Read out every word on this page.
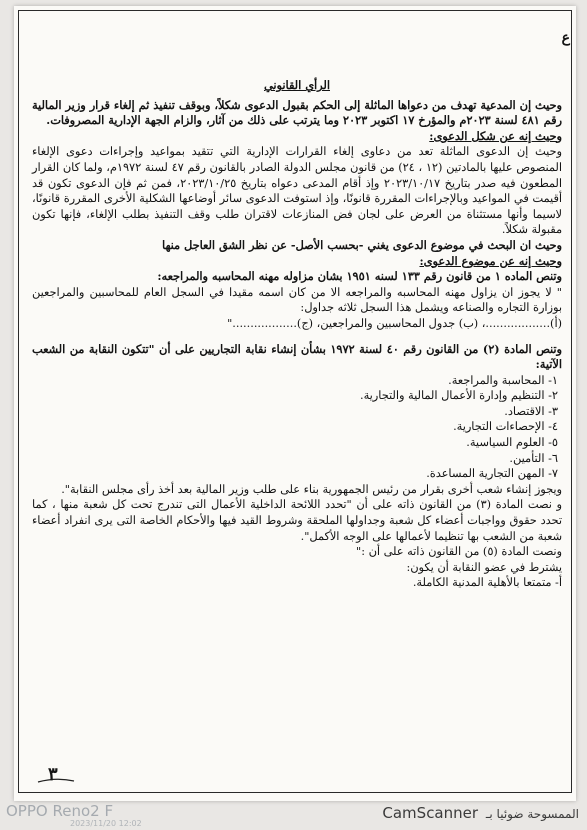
ع

الرأي القانوني

وحيث إن المدعية تهدف من دعواها الماثلة إلى الحكم بقبول الدعوى شكلاً، وبوقف تنفيذ ثم إلغاء قرار وزير المالية رقم ٤٨١ لسنة ٢٠٢٣م والمؤرخ ١٧ اكتوبر ٢٠٢٣ وما يترتب على ذلك من آثار، والزام الجهة الإدارية المصروفات.

وحيث إنه عن شكل الدعوى:

وحيث إن الدعوى الماثلة تعد من دعاوى إلغاء القرارات الإدارية التي تتقيد بمواعيد وإجراءات دعوى الإلغاء المنصوص عليها بالمادتين (١٢ ، ٢٤) من قانون مجلس الدولة الصادر بالقانون رقم ٤٧ لسنة ١٩٧٢م، ولما كان القرار المطعون فيه صدر بتاريخ ٢٠٢٣/١٠/١٧ وإذ أقام المدعى دعواه بتاريخ ٢٠٢٣/١٠/٢٥، فمن ثم فإن الدعوى تكون قد أقيمت في المواعيد وبالإجراءات المقررة قانونًا، وإذ استوفت الدعوى سائر أوضاعها الشكلية الأخرى المقررة قانونًا، لاسيما وأنها مستثناة من العرض على لجان فض المنازعات لاقتران طلب وقف التنفيذ بطلب الإلغاء، فإنها تكون مقبولة شكلاً.

وحيث ان البحث في موضوع الدعوى يغني -بحسب الأصل- عن نظر الشق العاجل منها

وحيث إنه عن موضوع الدعوى:

وتنص الماده ١ من قانون رقم ١٣٣ لسنه ١٩٥١ بشان مزاوله مهنه المحاسبه والمراجعه:

" لا يجوز ان يزاول مهنه المحاسبه والمراجعه الا من كان اسمه مقيدا في السجل العام للمحاسبين والمراجعين بوزارة التجاره والصناعه ويشمل هذا السجل ثلاثه جداول:

(أ)..................، (ب) جدول المحاسبين والمراجعين، (ج).................."

وتنص المادة (٢) من القانون رقم ٤٠ لسنة ١٩٧٢ بشأن إنشاء نقابة التجاريين على أن "تتكون النقابة من الشعب الآتية:

١- المحاسبة والمراجعة.

٢- التنظيم وإدارة الأعمال المالية والتجارية.

٣- الاقتصاد.

٤- الإحصاءات التجارية.

٥- العلوم السياسية.

٦- التأمين.

٧- المهن التجارية المساعدة.

ويجوز إنشاء شعب أخرى بقرار من رئيس الجمهورية بناء على طلب وزير المالية بعد أخذ رأى مجلس النقابة".

و نصت المادة (٣) من القانون ذاته على أن "تحدد اللائحة الداخلية الأعمال التى تندرج تحت كل شعبة منها ، كما تحدد حقوق وواجبات أعضاء كل شعبة وجداولها الملحقة وشروط القيد فيها والأحكام الخاصة التى يرى انفراد أعضاء شعبة من الشعب بها تنظيما لأعمالها على الوجه الأكمل".

ونصت المادة (٥) من القانون ذاته على أن :"

يشترط في عضو النقابة أن يكون:

أ- متمتعا بالأهلية المدنية الكاملة.

٣
OPPO Reno2 F
2023/11/20 12:02
الممسوحة ضوئيا بـ CamScanner
